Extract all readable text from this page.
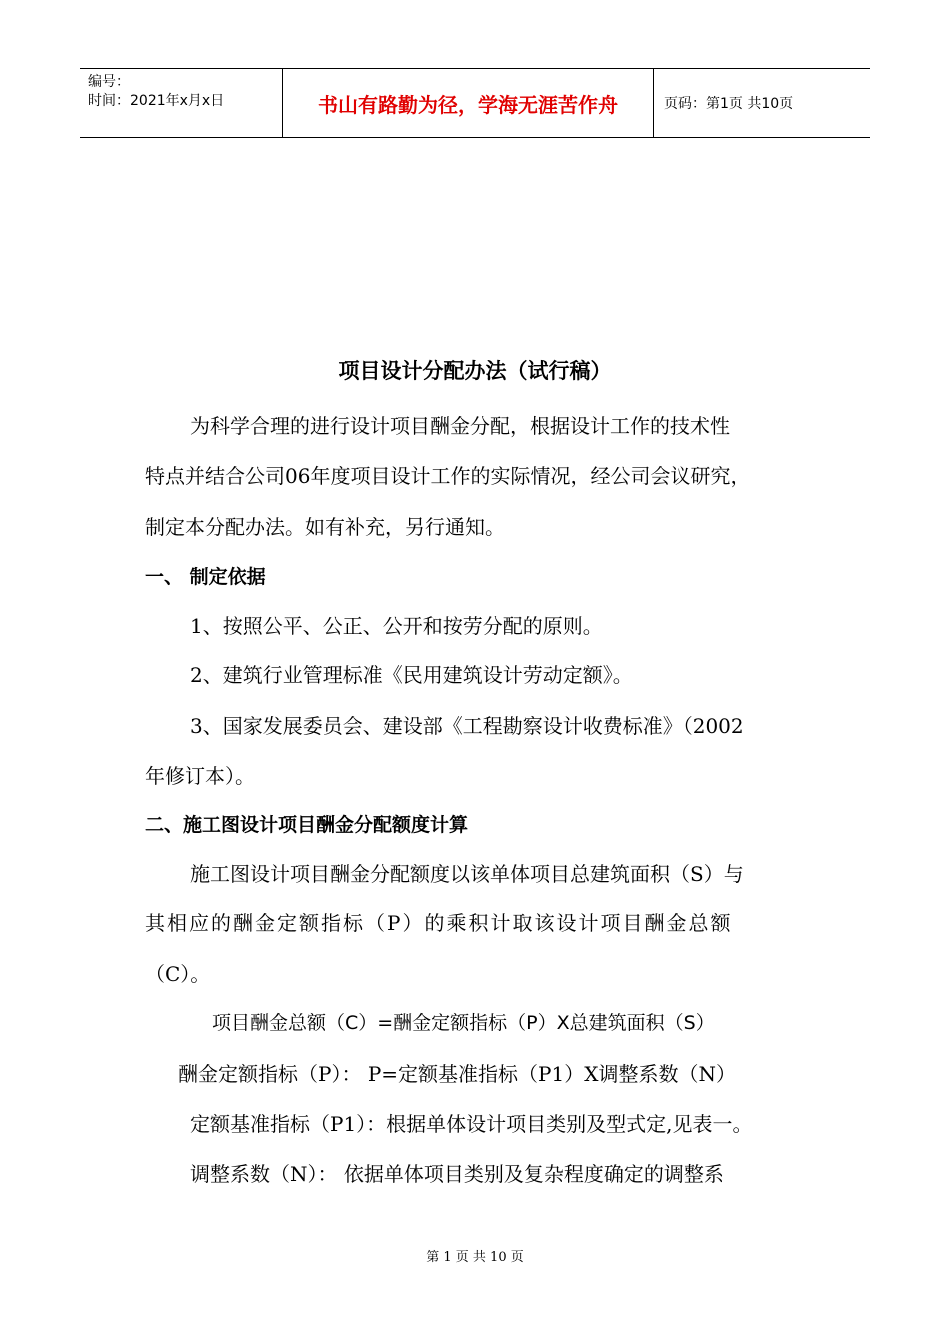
编号：
时间：2021年x月x日	书山有路勤为径，学海无涯苦作舟	页码：第1页 共10页
项目设计分配办法（试行稿）
为科学合理的进行设计项目酬金分配，根据设计工作的技术性
特点并结合公司06年度项目设计工作的实际情况，经公司会议研究，
制定本分配办法。如有补充，另行通知。
一、 制定依据
1、按照公平、公正、公开和按劳分配的原则。
2、建筑行业管理标准《民用建筑设计劳动定额》。
3、国家发展委员会、建设部《工程勘察设计收费标准》（2002
年修订本）。
二、施工图设计项目酬金分配额度计算
施工图设计项目酬金分配额度以该单体项目总建筑面积（S）与
其相应的酬金定额指标（P）的乘积计取该设计项目酬金总额
（C）。
项目酬金总额（C）=酬金定额指标（P）X总建筑面积（S）
酬金定额指标（P）： P=定额基准指标（P1）X调整系数（N）
定额基准指标（P1）：根据单体设计项目类别及型式定,见表一。
调整系数（N）： 依据单体项目类别及复杂程度确定的调整系
第 1 页 共 10 页
